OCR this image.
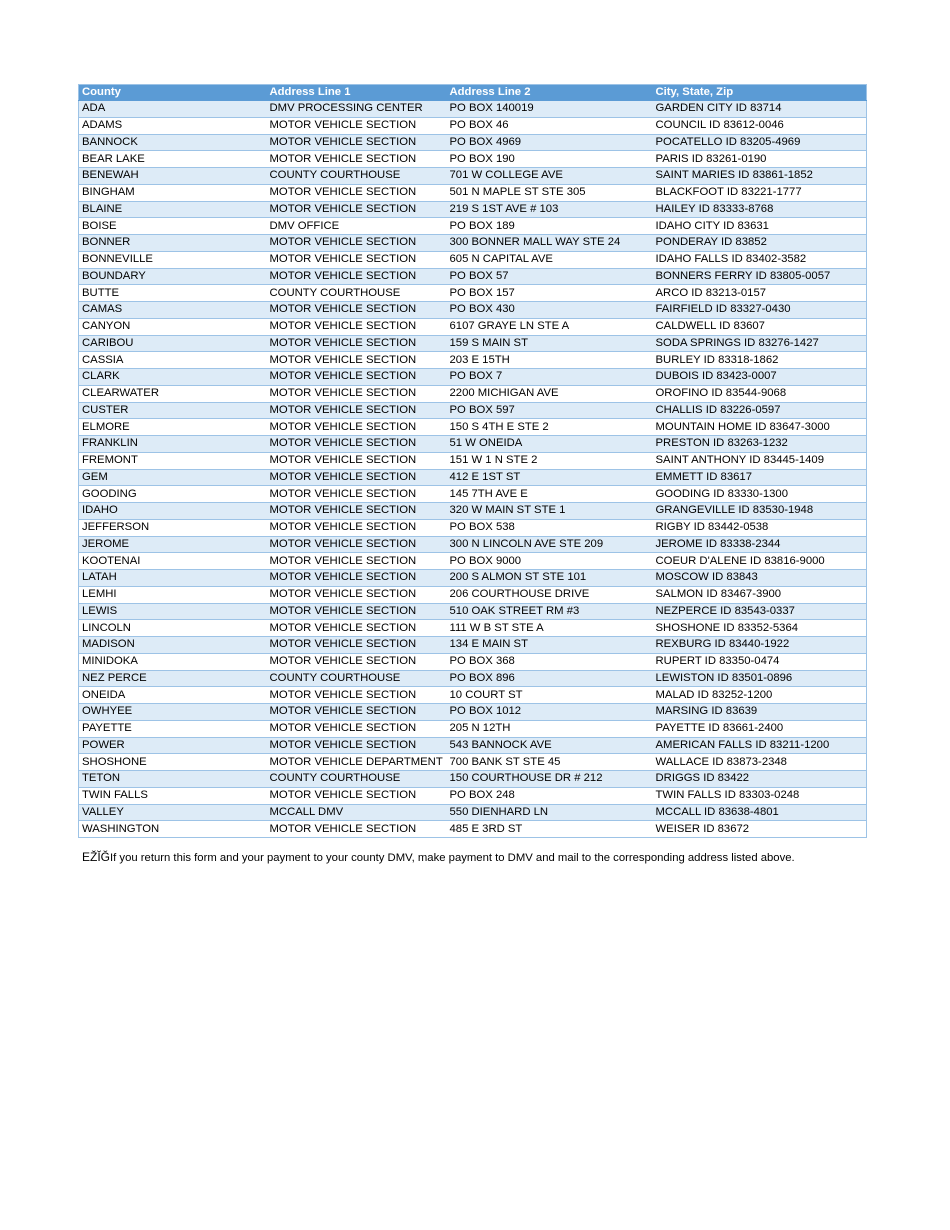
County	Address Line 1	Address Line 2	City, State, Zip
ADA	DMV PROCESSING CENTER	PO BOX 140019	GARDEN CITY ID 83714
ADAMS	MOTOR VEHICLE SECTION	PO BOX 46	COUNCIL ID 83612-0046
BANNOCK	MOTOR VEHICLE SECTION	PO BOX 4969	POCATELLO ID 83205-4969
BEAR LAKE	MOTOR VEHICLE SECTION	PO BOX 190	PARIS ID 83261-0190
BENEWAH	COUNTY COURTHOUSE	701 W COLLEGE AVE	SAINT MARIES ID 83861-1852
BINGHAM	MOTOR VEHICLE SECTION	501 N MAPLE ST STE 305	BLACKFOOT ID 83221-1777
BLAINE	MOTOR VEHICLE SECTION	219 S 1ST AVE # 103	HAILEY ID 83333-8768
BOISE	DMV OFFICE	PO BOX 189	IDAHO CITY ID 83631
BONNER	MOTOR VEHICLE SECTION	300 BONNER MALL WAY STE 24	PONDERAY ID 83852
BONNEVILLE	MOTOR VEHICLE SECTION	605 N CAPITAL AVE	IDAHO FALLS ID 83402-3582
BOUNDARY	MOTOR VEHICLE SECTION	PO BOX 57	BONNERS FERRY ID 83805-0057
BUTTE	COUNTY COURTHOUSE	PO BOX 157	ARCO ID 83213-0157
CAMAS	MOTOR VEHICLE SECTION	PO BOX 430	FAIRFIELD ID 83327-0430
CANYON	MOTOR VEHICLE SECTION	6107 GRAYE LN STE A	CALDWELL ID 83607
CARIBOU	MOTOR VEHICLE SECTION	159 S MAIN ST	SODA SPRINGS ID 83276-1427
CASSIA	MOTOR VEHICLE SECTION	203 E 15TH	BURLEY ID 83318-1862
CLARK	MOTOR VEHICLE SECTION	PO BOX 7	DUBOIS ID 83423-0007
CLEARWATER	MOTOR VEHICLE SECTION	2200 MICHIGAN AVE	OROFINO ID 83544-9068
CUSTER	MOTOR VEHICLE SECTION	PO BOX 597	CHALLIS ID 83226-0597
ELMORE	MOTOR VEHICLE SECTION	150 S 4TH E STE 2	MOUNTAIN HOME ID 83647-3000
FRANKLIN	MOTOR VEHICLE SECTION	51 W ONEIDA	PRESTON ID 83263-1232
FREMONT	MOTOR VEHICLE SECTION	151 W 1 N STE 2	SAINT ANTHONY ID 83445-1409
GEM	MOTOR VEHICLE SECTION	412 E 1ST ST	EMMETT ID 83617
GOODING	MOTOR VEHICLE SECTION	145 7TH AVE E	GOODING ID 83330-1300
IDAHO	MOTOR VEHICLE SECTION	320 W MAIN ST STE 1	GRANGEVILLE ID 83530-1948
JEFFERSON	MOTOR VEHICLE SECTION	PO BOX 538	RIGBY ID 83442-0538
JEROME	MOTOR VEHICLE SECTION	300 N LINCOLN AVE STE 209	JEROME ID 83338-2344
KOOTENAI	MOTOR VEHICLE SECTION	PO BOX 9000	COEUR D'ALENE ID 83816-9000
LATAH	MOTOR VEHICLE SECTION	200 S ALMON ST STE 101	MOSCOW ID 83843
LEMHI	MOTOR VEHICLE SECTION	206 COURTHOUSE DRIVE	SALMON ID 83467-3900
LEWIS	MOTOR VEHICLE SECTION	510 OAK STREET RM #3	NEZPERCE ID 83543-0337
LINCOLN	MOTOR VEHICLE SECTION	111 W B ST STE A	SHOSHONE ID 83352-5364
MADISON	MOTOR VEHICLE SECTION	134 E MAIN ST	REXBURG ID 83440-1922
MINIDOKA	MOTOR VEHICLE SECTION	PO BOX 368	RUPERT ID 83350-0474
NEZ PERCE	COUNTY COURTHOUSE	PO BOX 896	LEWISTON ID 83501-0896
ONEIDA	MOTOR VEHICLE SECTION	10 COURT ST	MALAD ID 83252-1200
OWHYEE	MOTOR VEHICLE SECTION	PO BOX 1012	MARSING ID 83639
PAYETTE	MOTOR VEHICLE SECTION	205 N 12TH	PAYETTE ID 83661-2400
POWER	MOTOR VEHICLE SECTION	543 BANNOCK AVE	AMERICAN FALLS ID 83211-1200
SHOSHONE	MOTOR VEHICLE DEPARTMENT	700 BANK ST STE 45	WALLACE ID 83873-2348
TETON	COUNTY COURTHOUSE	150 COURTHOUSE DR # 212	DRIGGS ID 83422
TWIN FALLS	MOTOR VEHICLE SECTION	PO BOX 248	TWIN FALLS ID 83303-0248
VALLEY	MCCALL DMV	550 DIENHARD LN	MCCALL ID 83638-4801
WASHINGTON	MOTOR VEHICLE SECTION	485 E 3RD ST	WEISER ID 83672
EŽĬĞIf you return this form and your payment to your county DMV, make payment to DMV and mail to the corresponding address listed above.
